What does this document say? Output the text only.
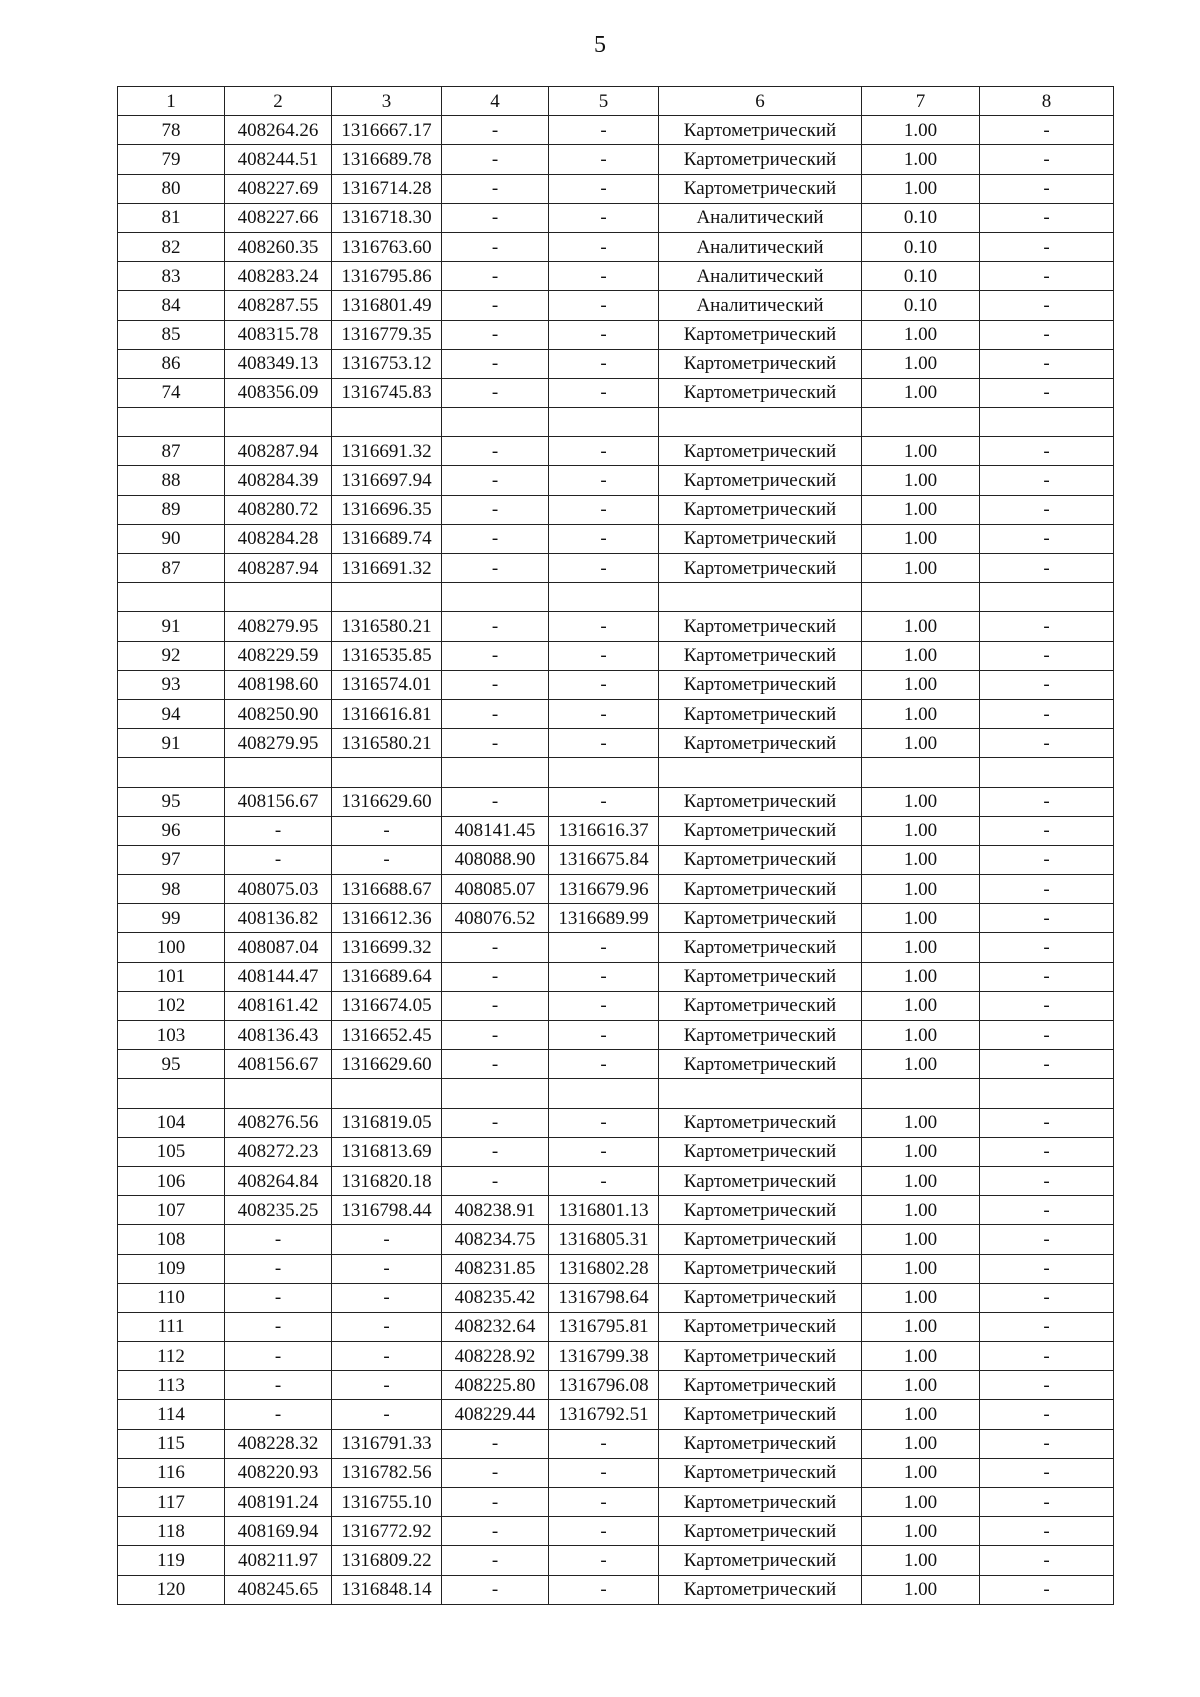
5
1	2	3	4	5	6	7	8
78	408264.26	1316667.17	-	-	Картометрический	1.00	-
79	408244.51	1316689.78	-	-	Картометрический	1.00	-
80	408227.69	1316714.28	-	-	Картометрический	1.00	-
81	408227.66	1316718.30	-	-	Аналитический	0.10	-
82	408260.35	1316763.60	-	-	Аналитический	0.10	-
83	408283.24	1316795.86	-	-	Аналитический	0.10	-
84	408287.55	1316801.49	-	-	Аналитический	0.10	-
85	408315.78	1316779.35	-	-	Картометрический	1.00	-
86	408349.13	1316753.12	-	-	Картометрический	1.00	-
74	408356.09	1316745.83	-	-	Картометрический	1.00	-

87	408287.94	1316691.32	-	-	Картометрический	1.00	-
88	408284.39	1316697.94	-	-	Картометрический	1.00	-
89	408280.72	1316696.35	-	-	Картометрический	1.00	-
90	408284.28	1316689.74	-	-	Картометрический	1.00	-
87	408287.94	1316691.32	-	-	Картометрический	1.00	-

91	408279.95	1316580.21	-	-	Картометрический	1.00	-
92	408229.59	1316535.85	-	-	Картометрический	1.00	-
93	408198.60	1316574.01	-	-	Картометрический	1.00	-
94	408250.90	1316616.81	-	-	Картометрический	1.00	-
91	408279.95	1316580.21	-	-	Картометрический	1.00	-

95	408156.67	1316629.60	-	-	Картометрический	1.00	-
96	-	-	408141.45	1316616.37	Картометрический	1.00	-
97	-	-	408088.90	1316675.84	Картометрический	1.00	-
98	408075.03	1316688.67	408085.07	1316679.96	Картометрический	1.00	-
99	408136.82	1316612.36	408076.52	1316689.99	Картометрический	1.00	-
100	408087.04	1316699.32	-	-	Картометрический	1.00	-
101	408144.47	1316689.64	-	-	Картометрический	1.00	-
102	408161.42	1316674.05	-	-	Картометрический	1.00	-
103	408136.43	1316652.45	-	-	Картометрический	1.00	-
95	408156.67	1316629.60	-	-	Картометрический	1.00	-

104	408276.56	1316819.05	-	-	Картометрический	1.00	-
105	408272.23	1316813.69	-	-	Картометрический	1.00	-
106	408264.84	1316820.18	-	-	Картометрический	1.00	-
107	408235.25	1316798.44	408238.91	1316801.13	Картометрический	1.00	-
108	-	-	408234.75	1316805.31	Картометрический	1.00	-
109	-	-	408231.85	1316802.28	Картометрический	1.00	-
110	-	-	408235.42	1316798.64	Картометрический	1.00	-
111	-	-	408232.64	1316795.81	Картометрический	1.00	-
112	-	-	408228.92	1316799.38	Картометрический	1.00	-
113	-	-	408225.80	1316796.08	Картометрический	1.00	-
114	-	-	408229.44	1316792.51	Картометрический	1.00	-
115	408228.32	1316791.33	-	-	Картометрический	1.00	-
116	408220.93	1316782.56	-	-	Картометрический	1.00	-
117	408191.24	1316755.10	-	-	Картометрический	1.00	-
118	408169.94	1316772.92	-	-	Картометрический	1.00	-
119	408211.97	1316809.22	-	-	Картометрический	1.00	-
120	408245.65	1316848.14	-	-	Картометрический	1.00	-
